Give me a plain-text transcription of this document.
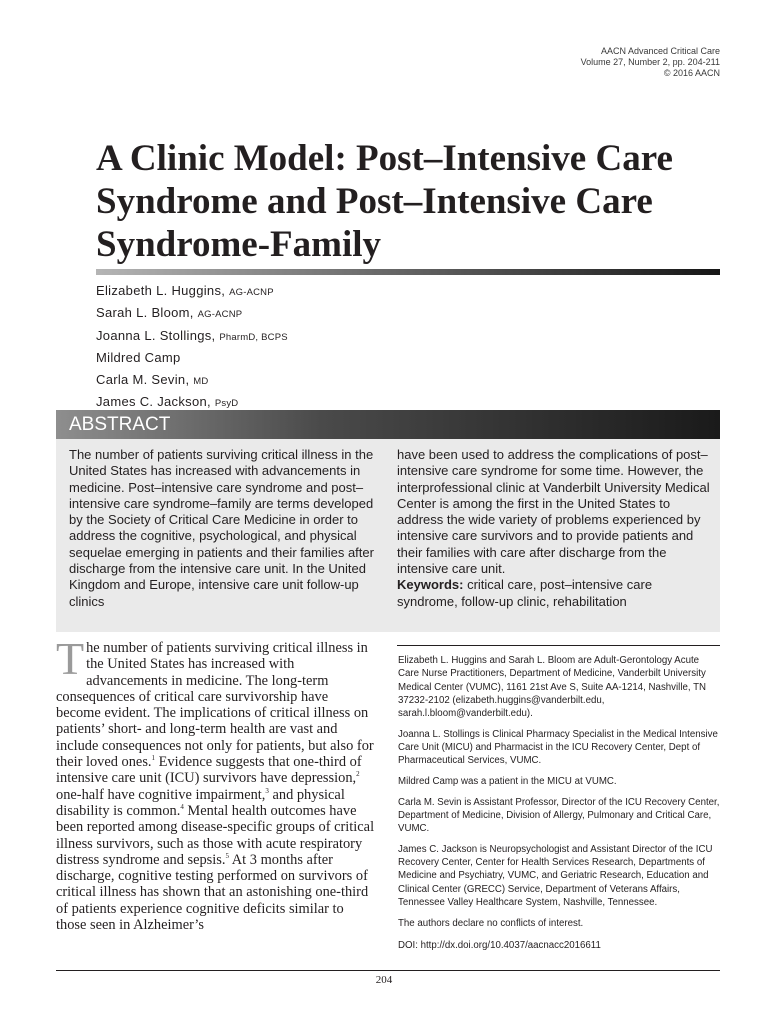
AACN Advanced Critical Care
Volume 27, Number 2, pp. 204-211
© 2016 AACN
A Clinic Model: Post–Intensive Care Syndrome and Post–Intensive Care Syndrome-Family
Elizabeth L. Huggins, AG-ACNP
Sarah L. Bloom, AG-ACNP
Joanna L. Stollings, PharmD, BCPS
Mildred Camp
Carla M. Sevin, MD
James C. Jackson, PsyD
ABSTRACT

The number of patients surviving critical illness in the United States has increased with advancements in medicine. Post–intensive care syndrome and post–intensive care syndrome–family are terms developed by the Society of Critical Care Medicine in order to address the cognitive, psychological, and physical sequelae emerging in patients and their families after discharge from the intensive care unit. In the United Kingdom and Europe, intensive care unit follow-up clinics

have been used to address the complications of post–intensive care syndrome for some time. However, the interprofessional clinic at Vanderbilt University Medical Center is among the first in the United States to address the wide variety of problems experienced by intensive care survivors and to provide patients and their families with care after discharge from the intensive care unit.

Keywords: critical care, post–intensive care syndrome, follow-up clinic, rehabilitation

The number of patients surviving critical illness in the United States has increased with advancements in medicine. The long-term consequences of critical care survivorship have become evident. The implications of critical illness on patients’ short- and long-term health are vast and include consequences not only for patients, but also for their loved ones.$^1$ Evidence suggests that one-third of intensive care unit (ICU) survivors have depression,$^2$ one-half have cognitive impairment,$^3$ and physical disability is common.$^4$ Mental health outcomes have been reported among disease-specific groups of critical illness survivors, such as those with acute respiratory distress syndrome and sepsis.$^5$ At 3 months after discharge, cognitive testing performed on survivors of critical illness has shown that an astonishing one-third of patients experience cognitive deficits similar to those seen in Alzheimer’s

Elizabeth L. Huggins and Sarah L. Bloom are Adult-Gerontology Acute Care Nurse Practitioners, Department of Medicine, Vanderbilt University Medical Center (VUMC), 1161 21st Ave S, Suite AA-1214, Nashville, TN 37232-2102 (elizabeth.huggins@vanderbilt.edu, sarah.l.bloom@vanderbilt.edu).

Joanna L. Stollings is Clinical Pharmacy Specialist in the Medical Intensive Care Unit (MICU) and Pharmacist in the ICU Recovery Center, Dept of Pharmaceutical Services, VUMC.

Mildred Camp was a patient in the MICU at VUMC.

Carla M. Sevin is Assistant Professor, Director of the ICU Recovery Center, Department of Medicine, Division of Allergy, Pulmonary and Critical Care, VUMC.

James C. Jackson is Neuropsychologist and Assistant Director of the ICU Recovery Center, Center for Health Services Research, Departments of Medicine and Psychiatry, VUMC, and Geriatric Research, Education and Clinical Center (GRECC) Service, Department of Veterans Affairs, Tennessee Valley Healthcare System, Nashville, Tennessee.

The authors declare no conflicts of interest.

DOI: http://dx.doi.org/10.4037/aacnacc2016611

204
